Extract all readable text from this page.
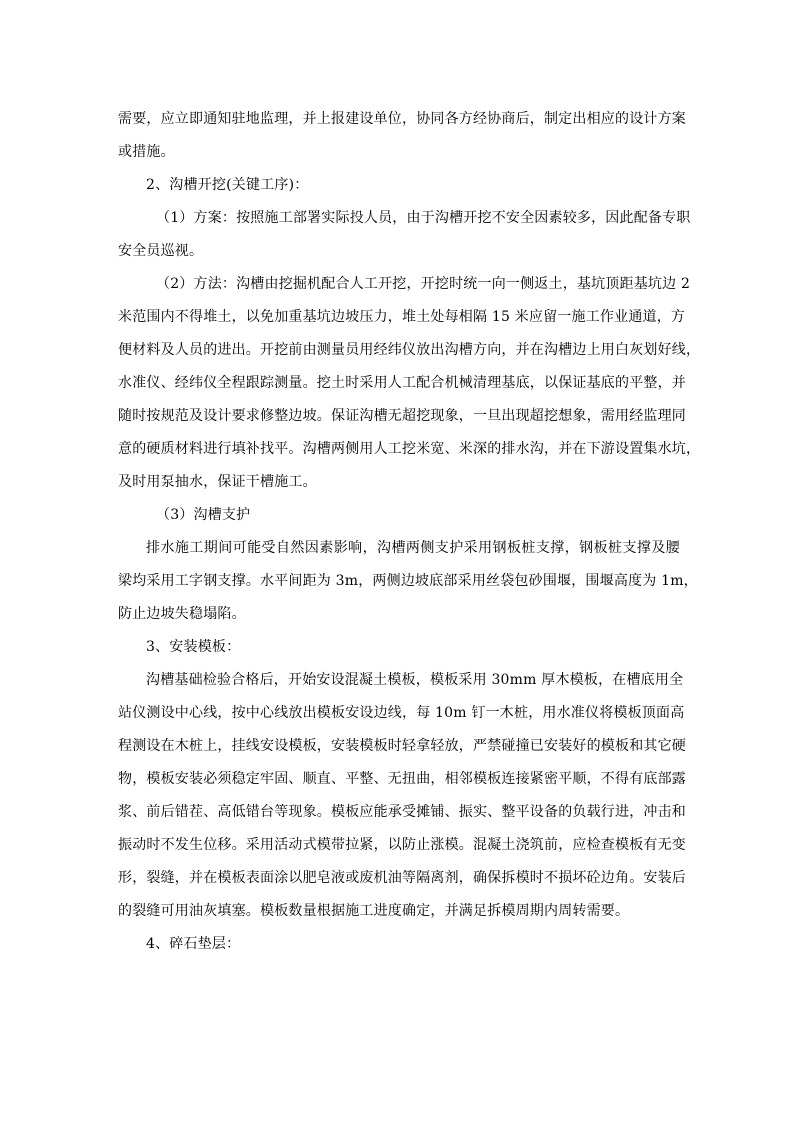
需要，应立即通知驻地监理，并上报建设单位，协同各方经协商后，制定出相应的设计方案
或措施。
2、沟槽开挖(关键工序)：
（1）方案：按照施工部署实际投人员，由于沟槽开挖不安全因素较多，因此配备专职
安全员巡视。
（2）方法：沟槽由挖掘机配合人工开挖，开挖时统一向一侧返土，基坑顶距基坑边 2
米范围内不得堆土，以免加重基坑边坡压力，堆土处每相隔 15 米应留一施工作业通道，方
便材料及人员的进出。开挖前由测量员用经纬仪放出沟槽方向，并在沟槽边上用白灰划好线，
水准仪、经纬仪全程跟踪测量。挖土时采用人工配合机械清理基底，以保证基底的平整，并
随时按规范及设计要求修整边坡。保证沟槽无超挖现象，一旦出现超挖想象，需用经监理同
意的硬质材料进行填补找平。沟槽两侧用人工挖米宽、米深的排水沟，并在下游设置集水坑，
及时用泵抽水，保证干槽施工。
（3）沟槽支护
排水施工期间可能受自然因素影响，沟槽两侧支护采用钢板桩支撑，钢板桩支撑及腰
梁均采用工字钢支撑。水平间距为 3m，两侧边坡底部采用丝袋包砂围堰，围堰高度为 1m，
防止边坡失稳塌陷。
3、安装模板：
沟槽基础检验合格后，开始安设混凝土模板，模板采用 30mm 厚木模板，在槽底用全
站仪测设中心线，按中心线放出模板安设边线，每 10m 钉一木桩，用水准仪将模板顶面高
程测设在木桩上，挂线安设模板，安装模板时轻拿轻放，严禁碰撞已安装好的模板和其它硬
物，模板安装必须稳定牢固、顺直、平整、无扭曲，相邻模板连接紧密平顺，不得有底部露
浆、前后错茬、高低错台等现象。模板应能承受摊铺、振实、整平设备的负载行进，冲击和
振动时不发生位移。采用活动式模带拉紧，以防止涨模。混凝土浇筑前，应检查模板有无变
形，裂缝，并在模板表面涂以肥皂液或废机油等隔离剂，确保拆模时不损坏砼边角。安装后
的裂缝可用油灰填塞。模板数量根据施工进度确定，并满足拆模周期内周转需要。
4、碎石垫层：
